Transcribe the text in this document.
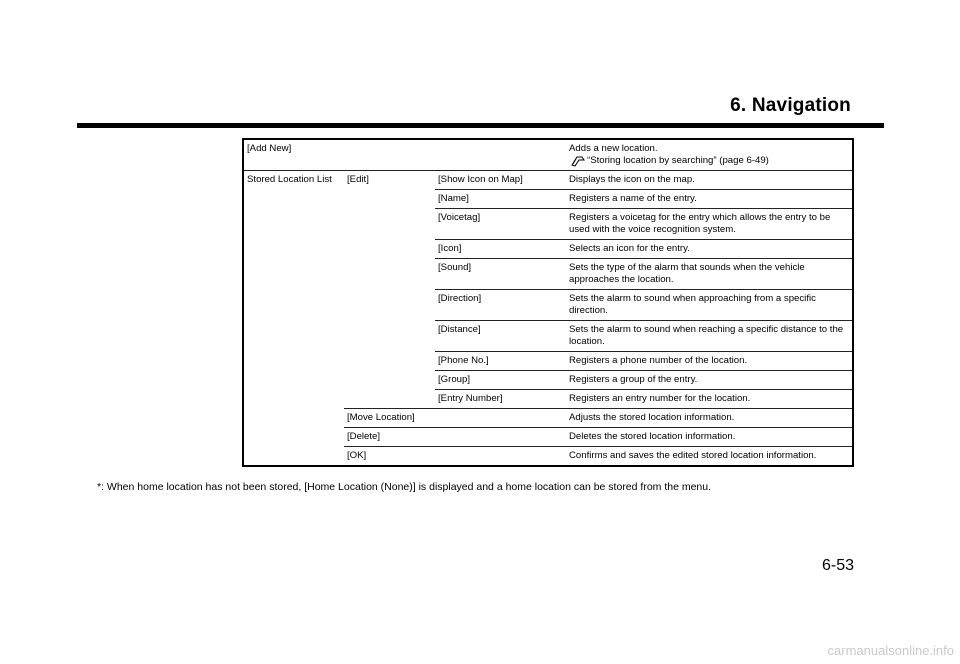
6. Navigation
[Add New]			Adds a new location.
“Storing location by searching” (page 6-49)

Stored Location List	[Edit]	[Show Icon on Map]	Displays the icon on the map.
		[Name]	Registers a name of the entry.
		[Voicetag]	Registers a voicetag for the entry which allows the entry to be used with the voice recognition system.
		[Icon]	Selects an icon for the entry.
		[Sound]	Sets the type of the alarm that sounds when the vehicle approaches the location.
		[Direction]	Sets the alarm to sound when approaching from a specific direction.
		[Distance]	Sets the alarm to sound when reaching a specific distance to the location.
		[Phone No.]	Registers a phone number of the location.
		[Group]	Registers a group of the entry.
		[Entry Number]	Registers an entry number for the location.
	[Move Location]		Adjusts the stored location information.
	[Delete]		Deletes the stored location information.
	[OK]		Confirms and saves the edited stored location information.
*: When home location has not been stored, [Home Location (None)] is displayed and a home location can be stored from the menu.
6-53
carmanualsonline.info
